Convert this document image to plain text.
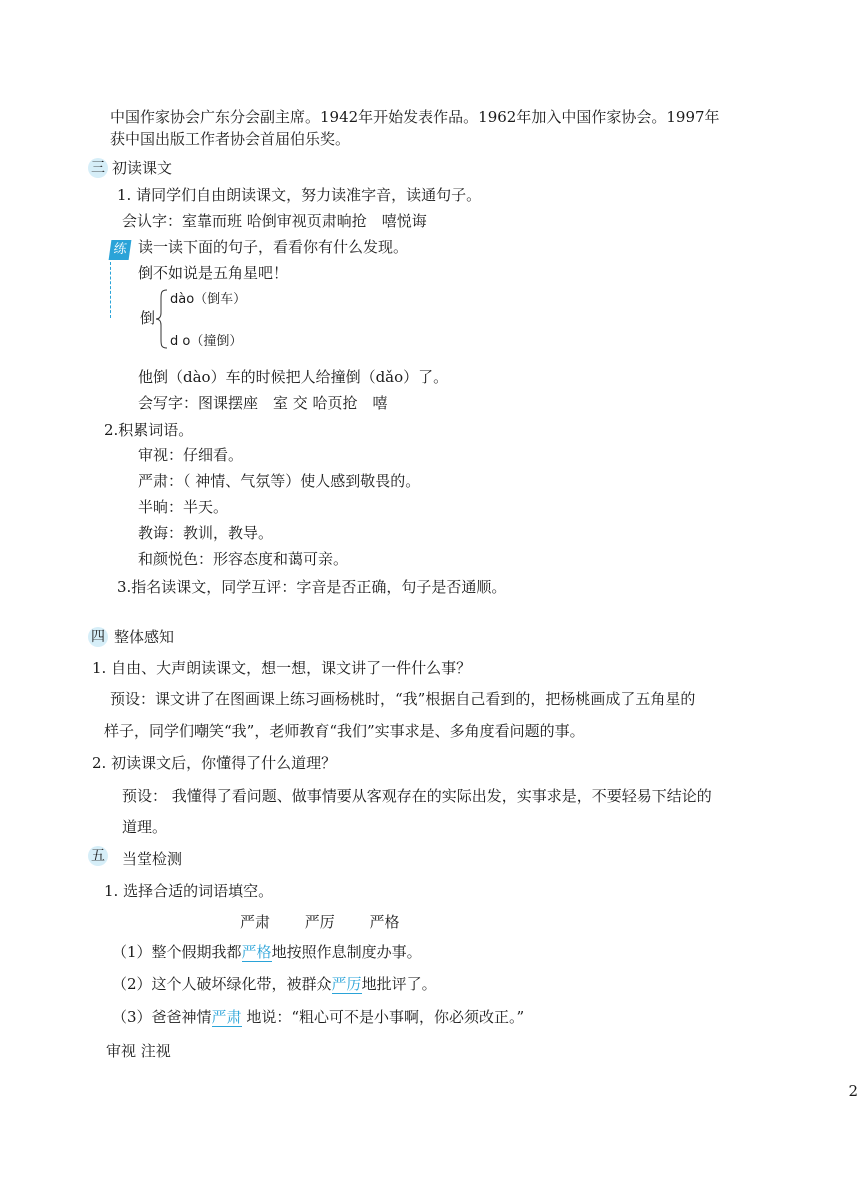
中国作家协会广东分会副主席。1942年开始发表作品。1962年加入中国作家协会。1997年
获中国出版工作者协会首届伯乐奖。
三 初读课文
1. 请同学们自由朗读课文，努力读准字音，读通句子。
会认字：室靠而班 哈倒审视页肃晌抢　嘻悦诲
练 读一读下面的句子，看看你有什么发现。
倒不如说是五角星吧！
倒
dào（倒车）
d o（撞倒）
他倒（dào）车的时候把人给撞倒（dǎo）了。
会写字：图课摆座　室 交 哈页抢　嘻
2.积累词语。
审视：仔细看。
严肃：（ 神情、气氛等）使人感到敬畏的。
半晌：半天。
教诲：教训，教导。
和颜悦色：形容态度和蔼可亲。
3.指名读课文，同学互评：字音是否正确，句子是否通顺。
四 整体感知
1. 自由、大声朗读课文，想一想，课文讲了一件什么事？
预设：课文讲了在图画课上练习画杨桃时，“我”根据自己看到的，把杨桃画成了五角星的
样子，同学们嘲笑“我”，老师教育“我们”实事求是、多角度看问题的事。
2. 初读课文后，你懂得了什么道理？
预设： 我懂得了看问题、做事情要从客观存在的实际出发，实事求是，不要轻易下结论的
道理。
五 当堂检测
1. 选择合适的词语填空。
严肃　　 严厉　　 严格
（1）整个假期我都严格地按照作息制度办事。
（2）这个人破坏绿化带，被群众严厉地批评了。
（3）爸爸神情严肃 地说：“粗心可不是小事啊，你必须改正。”
审视 注视
2
